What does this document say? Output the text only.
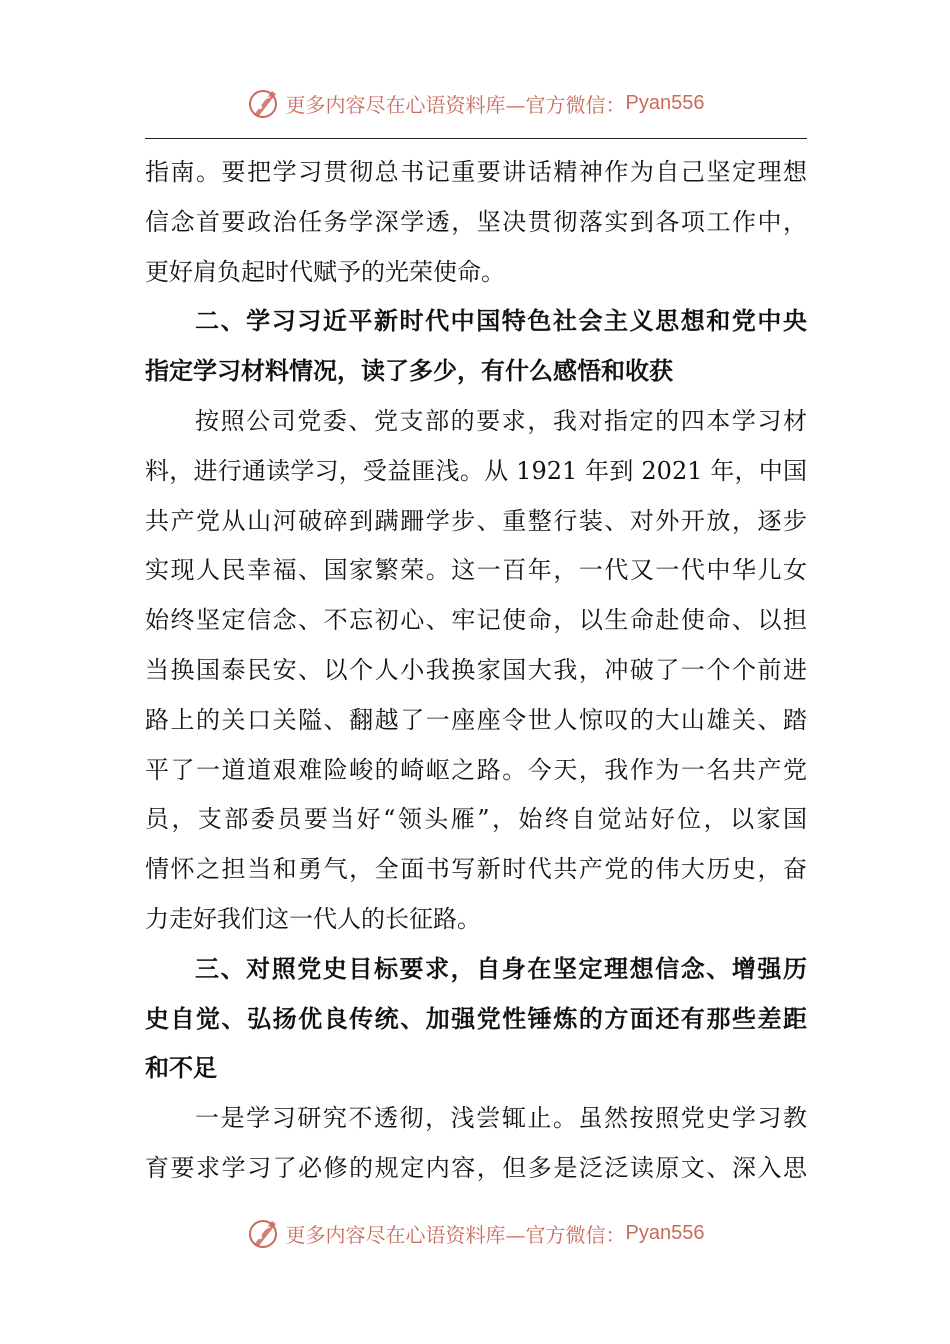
更多内容尽在心语资料库—官方微信： Pyan556
指南。要把学习贯彻总书记重要讲话精神作为自己坚定理想
信念首要政治任务学深学透，坚决贯彻落实到各项工作中，
更好肩负起时代赋予的光荣使命。
二、学习习近平新时代中国特色社会主义思想和党中央
指定学习材料情况，读了多少，有什么感悟和收获
按照公司党委、党支部的要求，我对指定的四本学习材
料，进行通读学习，受益匪浅。从 1921 年到 2021 年，中国
共产党从山河破碎到蹒跚学步、重整行装、对外开放，逐步
实现人民幸福、国家繁荣。这一百年，一代又一代中华儿女
始终坚定信念、不忘初心、牢记使命，以生命赴使命、以担
当换国泰民安、以个人小我换家国大我，冲破了一个个前进
路上的关口关隘、翻越了一座座令世人惊叹的大山雄关、踏
平了一道道艰难险峻的崎岖之路。今天，我作为一名共产党
员，支部委员要当好“领头雁”，始终自觉站好位，以家国
情怀之担当和勇气，全面书写新时代共产党的伟大历史，奋
力走好我们这一代人的长征路。
三、对照党史目标要求，自身在坚定理想信念、增强历
史自觉、弘扬优良传统、加强党性锤炼的方面还有那些差距
和不足
一是学习研究不透彻，浅尝辄止。虽然按照党史学习教
育要求学习了必修的规定内容，但多是泛泛读原文、深入思
更多内容尽在心语资料库—官方微信： Pyan556
